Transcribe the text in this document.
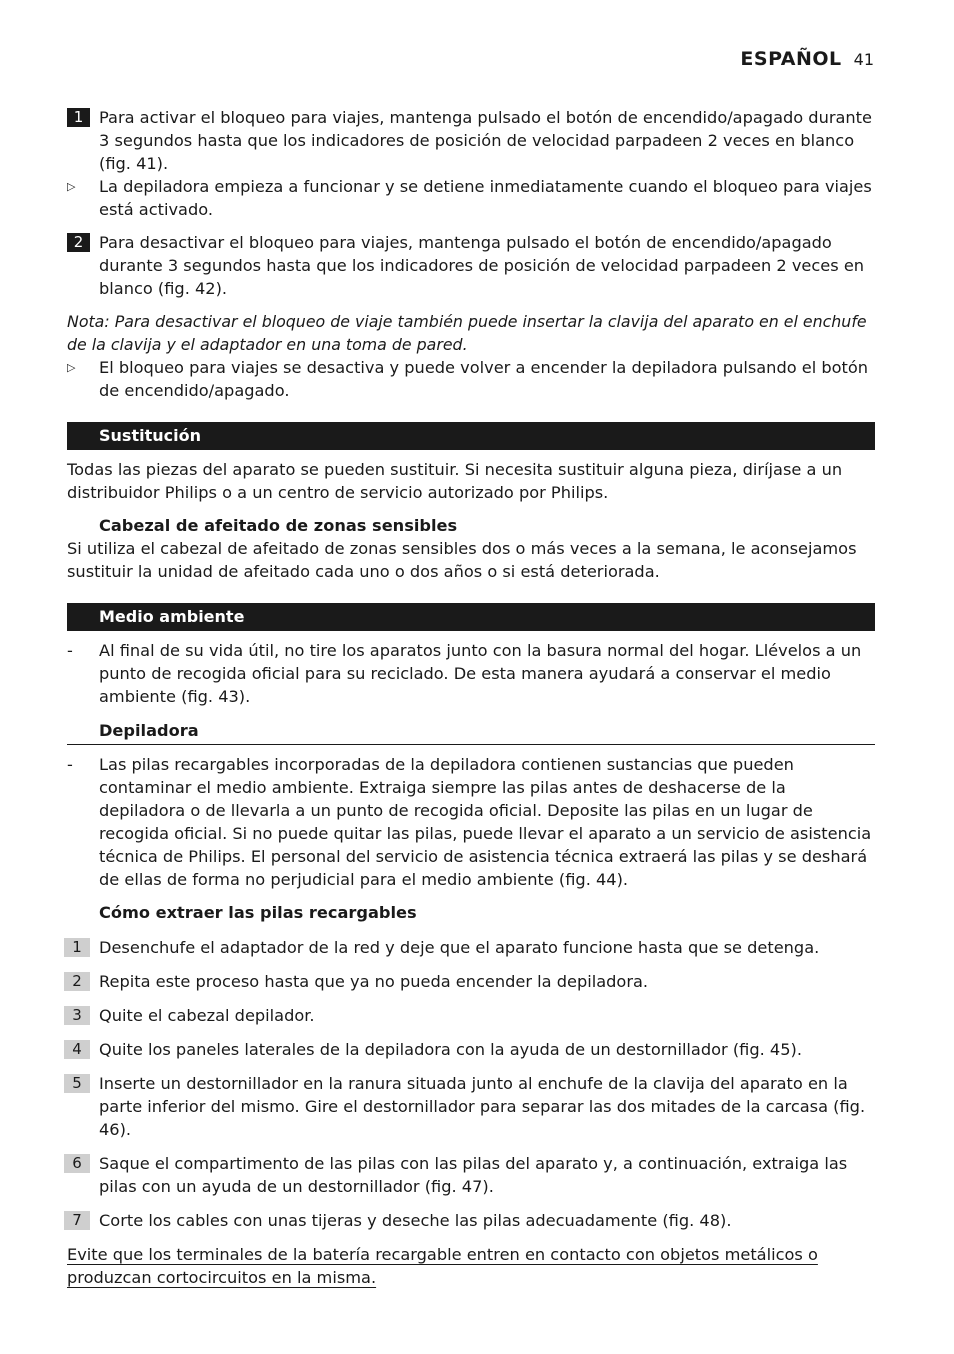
ESPAÑOL 41
1 Para activar el bloqueo para viajes, mantenga pulsado el botón de encendido/apagado durante 3 segundos hasta que los indicadores de posición de velocidad parpadeen 2 veces en blanco (fig. 41).
▷	La depiladora empieza a funcionar y se detiene inmediatamente cuando el bloqueo para viajes está activado.
2 Para desactivar el bloqueo para viajes, mantenga pulsado el botón de encendido/apagado durante 3 segundos hasta que los indicadores de posición de velocidad parpadeen 2 veces en blanco (fig. 42).
Nota: Para desactivar el bloqueo de viaje también puede insertar la clavija del aparato en el enchufe de la clavija y el adaptador en una toma de pared.
▷	El bloqueo para viajes se desactiva y puede volver a encender la depiladora pulsando el botón de encendido/apagado.
Sustitución
Todas las piezas del aparato se pueden sustituir. Si necesita sustituir alguna pieza, diríjase a un distribuidor Philips o a un centro de servicio autorizado por Philips.
Cabezal de afeitado de zonas sensibles
Si utiliza el cabezal de afeitado de zonas sensibles dos o más veces a la semana, le aconsejamos sustituir la unidad de afeitado cada uno o dos años o si está deteriorada.
Medio ambiente
-	Al final de su vida útil, no tire los aparatos junto con la basura normal del hogar. Llévelos a un punto de recogida oficial para su reciclado. De esta manera ayudará a conservar el medio ambiente (fig. 43).
Depiladora
-	Las pilas recargables incorporadas de la depiladora contienen sustancias que pueden contaminar el medio ambiente. Extraiga siempre las pilas antes de deshacerse de la depiladora o de llevarla a un punto de recogida oficial. Deposite las pilas en un lugar de recogida oficial. Si no puede quitar las pilas, puede llevar el aparato a un servicio de asistencia técnica de Philips. El personal del servicio de asistencia técnica extraerá las pilas y se deshará de ellas de forma no perjudicial para el medio ambiente (fig. 44).
Cómo extraer las pilas recargables
1	Desenchufe el adaptador de la red y deje que el aparato funcione hasta que se detenga.
2	Repita este proceso hasta que ya no pueda encender la depiladora.
3	Quite el cabezal depilador.
4	Quite los paneles laterales de la depiladora con la ayuda de un destornillador (fig. 45).
5	Inserte un destornillador en la ranura situada junto al enchufe de la clavija del aparato en la parte inferior del mismo. Gire el destornillador para separar las dos mitades de la carcasa (fig. 46).
6	Saque el compartimento de las pilas con las pilas del aparato y, a continuación, extraiga las pilas con un ayuda de un destornillador (fig. 47).
7	Corte los cables con unas tijeras y deseche las pilas adecuadamente (fig. 48).
Evite que los terminales de la batería recargable entren en contacto con objetos metálicos o produzcan cortocircuitos en la misma.
